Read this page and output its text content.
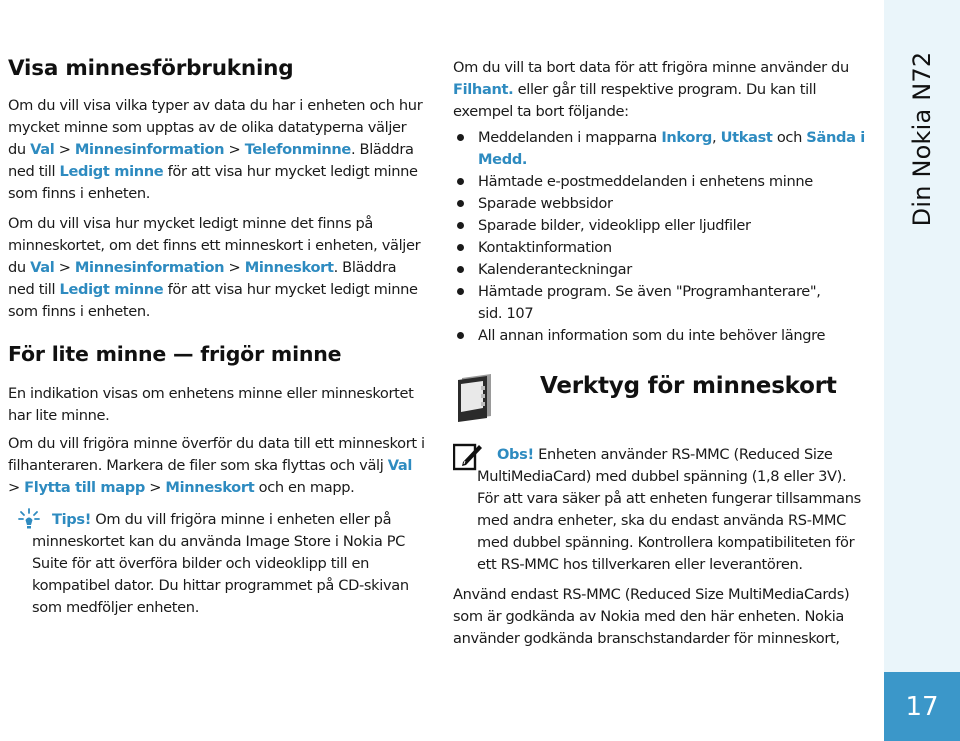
Visa minnesförbrukning

Om du vill visa vilka typer av data du har i enheten och hur mycket minne som upptas av de olika datatyperna väljer du Val > Minnesinformation > Telefonminne. Bläddra ned till Ledigt minne för att visa hur mycket ledigt minne som finns i enheten.

Om du vill visa hur mycket ledigt minne det finns på minneskortet, om det finns ett minneskort i enheten, väljer du Val > Minnesinformation > Minneskort. Bläddra ned till Ledigt minne för att visa hur mycket ledigt minne som finns i enheten.

För lite minne — frigör minne

En indikation visas om enhetens minne eller minneskortet har lite minne.

Om du vill frigöra minne överför du data till ett minneskort i filhanteraren. Markera de filer som ska flyttas och välj Val > Flytta till mapp > Minneskort och en mapp.

Tips! Om du vill frigöra minne i enheten eller på minneskortet kan du använda Image Store i Nokia PC Suite för att överföra bilder och videoklipp till en kompatibel dator. Du hittar programmet på CD-skivan som medföljer enheten.

Om du vill ta bort data för att frigöra minne använder du Filhant. eller går till respektive program. Du kan till exempel ta bort följande:

Meddelanden i mapparna Inkorg, Utkast och Sända i Medd.
Hämtade e-postmeddelanden i enhetens minne
Sparade webbsidor
Sparade bilder, videoklipp eller ljudfiler
Kontaktinformation
Kalenderanteckningar
Hämtade program. Se även "Programhanterare", sid. 107
All annan information som du inte behöver längre
Verktyg för minneskort

Obs! Enheten använder RS-MMC (Reduced Size MultiMediaCard) med dubbel spänning (1,8 eller 3V). För att vara säker på att enheten fungerar tillsammans med andra enheter, ska du endast använda RS-MMC med dubbel spänning. Kontrollera kompatibiliteten för ett RS-MMC hos tillverkaren eller leverantören.

Använd endast RS-MMC (Reduced Size MultiMediaCards) som är godkända av Nokia med den här enheten. Nokia använder godkända branschstandarder för minneskort,

Din Nokia N72
17
